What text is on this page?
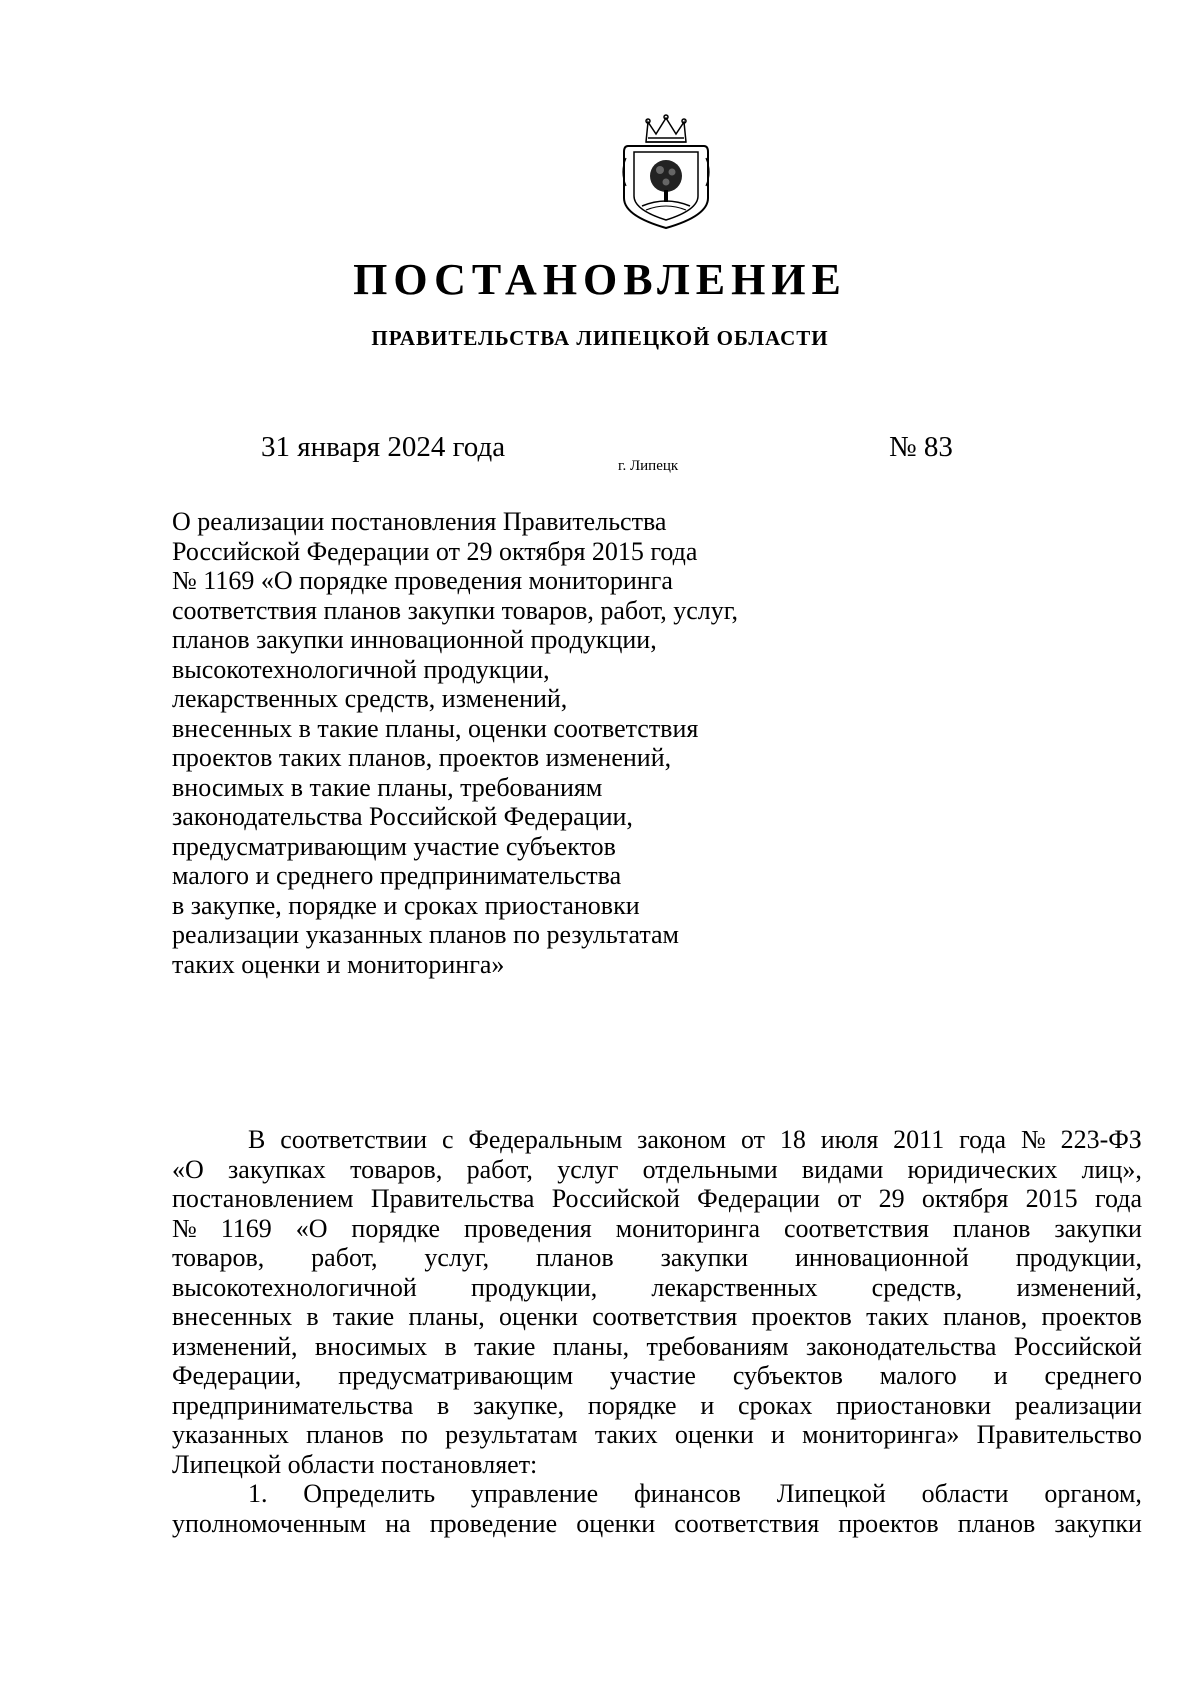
ПОСТАНОВЛЕНИЕ
ПРАВИТЕЛЬСТВА ЛИПЕЦКОЙ ОБЛАСТИ
31 января 2024 года
г. Липецк
№ 83
О реализации постановления Правительства
Российской Федерации от 29 октября 2015 года
№ 1169 «О порядке проведения мониторинга
соответствия планов закупки товаров, работ, услуг,
планов закупки инновационной продукции,
высокотехнологичной продукции,
лекарственных средств, изменений,
внесенных в такие планы, оценки соответствия
проектов таких планов, проектов изменений,
вносимых в такие планы, требованиям
законодательства Российской Федерации,
предусматривающим участие субъектов
малого и среднего предпринимательства
в закупке, порядке и сроках приостановки
реализации указанных планов по результатам
таких оценки и мониторинга»
В соответствии с Федеральным законом от 18 июля 2011 года № 223-ФЗ
«О закупках товаров, работ, услуг отдельными видами юридических лиц»,
постановлением Правительства Российской Федерации от 29 октября 2015 года
№ 1169 «О порядке проведения мониторинга соответствия планов закупки
товаров, работ, услуг, планов закупки инновационной продукции,
высокотехнологичной продукции, лекарственных средств, изменений,
внесенных в такие планы, оценки соответствия проектов таких планов, проектов
изменений, вносимых в такие планы, требованиям законодательства Российской
Федерации, предусматривающим участие субъектов малого и среднего
предпринимательства в закупке, порядке и сроках приостановки реализации
указанных планов по результатам таких оценки и мониторинга» Правительство
Липецкой области постановляет:
1. Определить управление финансов Липецкой области органом,
уполномоченным на проведение оценки соответствия проектов планов закупки
